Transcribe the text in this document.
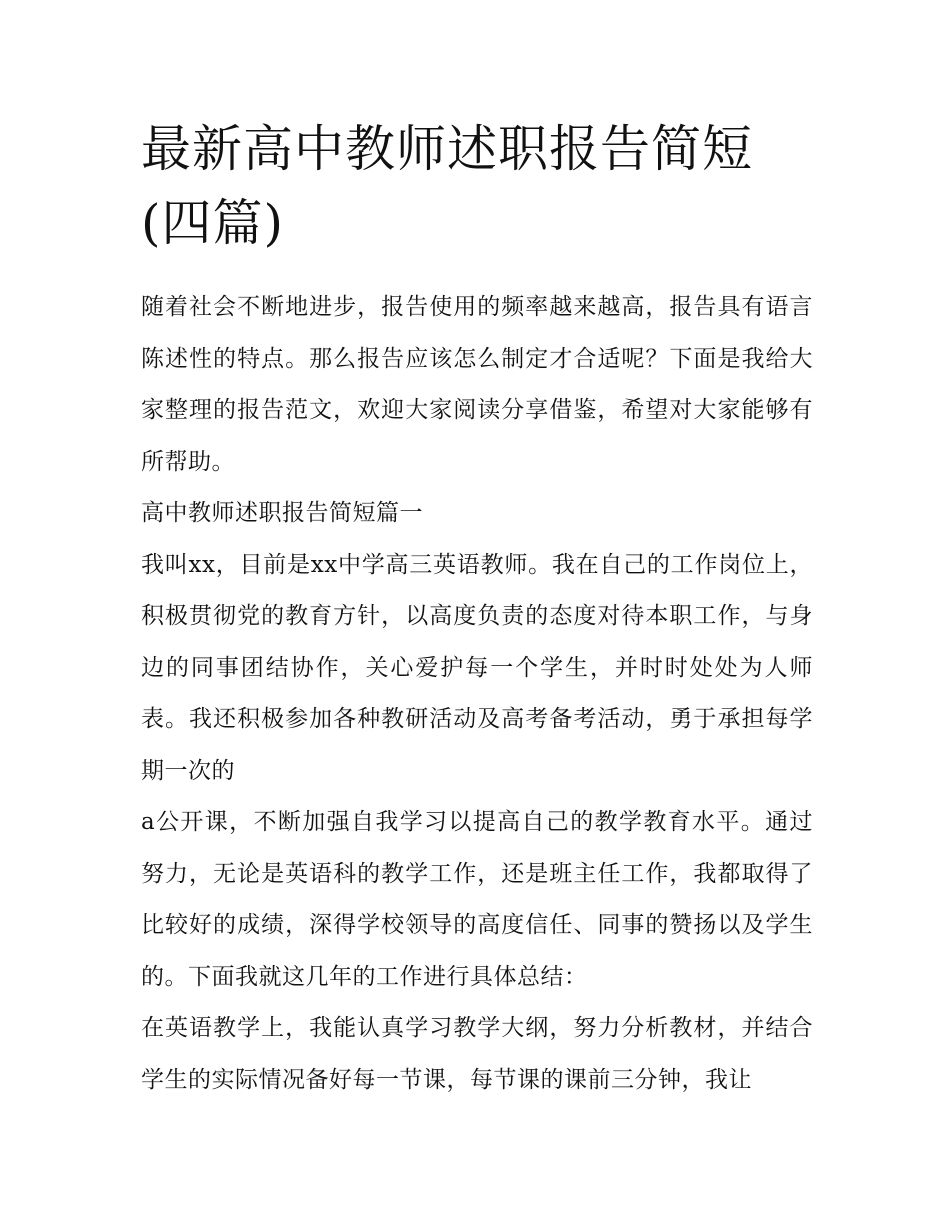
最新高中教师述职报告简短(四篇)

随着社会不断地进步，报告使用的频率越来越高，报告具有语言陈述性的特点。那么报告应该怎么制定才合适呢？下面是我给大家整理的报告范文，欢迎大家阅读分享借鉴，希望对大家能够有所帮助。

高中教师述职报告简短篇一

我叫xx，目前是xx中学高三英语教师。我在自己的工作岗位上，积极贯彻党的教育方针，以高度负责的态度对待本职工作，与身边的同事团结协作，关心爱护每一个学生，并时时处处为人师表。我还积极参加各种教研活动及高考备考活动，勇于承担每学期一次的

a公开课，不断加强自我学习以提高自己的教学教育水平。通过努力，无论是英语科的教学工作，还是班主任工作，我都取得了比较好的成绩，深得学校领导的高度信任、同事的赞扬以及学生的。下面我就这几年的工作进行具体总结：

在英语教学上，我能认真学习教学大纲，努力分析教材，并结合学生的实际情况备好每一节课，每节课的课前三分钟，我让
